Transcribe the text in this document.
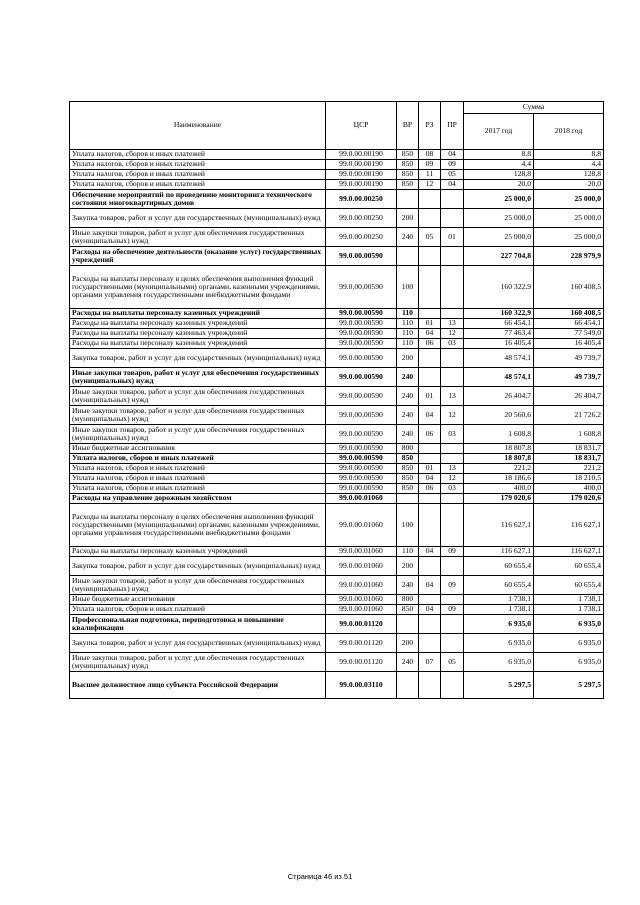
Наименование	ЦСР	ВР	РЗ	ПР	Сумма	
					2017 год	2018 год
Уплата налогов, сборов и иных платежей	99.0.00.00190	850	08	04	8,8	8,8
Уплата налогов, сборов и иных платежей	99.0.00.00190	850	09	09	4,4	4,4
Уплата налогов, сборов и иных платежей	99.0.00.00190	850	11	05	128,8	128,8
Уплата налогов, сборов и иных платежей	99.0.00.00190	850	12	04	20,0	20,0
Обеспечение мероприятий по проведению мониторинга технического состояния многоквартирных домов	99.0.00.00250				25 000,0	25 000,0
Закупка товаров, работ и услуг для государственных (муниципальных) нужд	99.0.00.00250	200			25 000,0	25 000,0
Иные закупки товаров, работ и услуг для обеспечения государственных (муниципальных) нужд	99.0.00.00250	240	05	01	25 000,0	25 000,0
Расходы на обеспечение деятельности (оказание услуг) государственных учреждений	99.0.00.00590				227 704,8	228 979,9
Расходы на выплаты персоналу в целях обеспечения выполнения функций государственными (муниципальными) органами, казенными учреждениями, органами управления государственными внебюджетными фондами	99.0.00.00590	100			160 322,9	160 408,5
Расходы на выплаты персоналу казенных учреждений	99.0.00.00590	110			160 322,9	160 408,5
Расходы на выплаты персоналу казенных учреждений	99.0.00.00590	110	01	13	66 454,1	66 454,1
Расходы на выплаты персоналу казенных учреждений	99.0.00.00590	110	04	12	77 463,4	77 549,0
Расходы на выплаты персоналу казенных учреждений	99.0.00.00590	110	06	03	16 405,4	16 405,4
Закупка товаров, работ и услуг для государственных (муниципальных) нужд	99.0.00.00590	200			48 574,1	49 739,7
Иные закупки товаров, работ и услуг для обеспечения государственных (муниципальных) нужд	99.0.00.00590	240			48 574,1	49 739,7
Иные закупки товаров, работ и услуг для обеспечения государственных (муниципальных) нужд	99.0.00.00590	240	01	13	26 404,7	26 404,7
Иные закупки товаров, работ и услуг для обеспечения государственных (муниципальных) нужд	99.0.00.00590	240	04	12	20 560,6	21 726,2
Иные закупки товаров, работ и услуг для обеспечения государственных (муниципальных) нужд	99.0.00.00590	240	06	03	1 608,8	1 608,8
Иные бюджетные ассигнования	99.0.00.00590	800			18 807,8	18 831,7
Уплата налогов, сборов и иных платежей	99.0.00.00590	850			18 807,8	18 831,7
Уплата налогов, сборов и иных платежей	99.0.00.00590	850	01	13	221,2	221,2
Уплата налогов, сборов и иных платежей	99.0.00.00590	850	04	12	18 186,6	18 210,5
Уплата налогов, сборов и иных платежей	99.0.00.00590	850	06	03	400,0	400,0
Расходы на управление дорожным хозяйством	99.0.00.01060				179 020,6	179 020,6
Расходы на выплаты персоналу в целях обеспечения выполнения функций государственными (муниципальными) органами, казенными учреждениями, органами управления государственными внебюджетными фондами	99.0.00.01060	100			116 627,1	116 627,1
Расходы на выплаты персоналу казенных учреждений	99.0.00.01060	110	04	09	116 627,1	116 627,1
Закупка товаров, работ и услуг для государственных (муниципальных) нужд	99.0.00.01060	200			60 655,4	60 655,4
Иные закупки товаров, работ и услуг для обеспечения государственных (муниципальных) нужд	99.0.00.01060	240	04	09	60 655,4	60 655,4
Иные бюджетные ассигнования	99.0.00.01060	800			1 738,1	1 738,1
Уплата налогов, сборов и иных платежей	99.0.00.01060	850	04	09	1 738,1	1 738,1
Профессиональная подготовка, переподготовка и повышение квалификации	99.0.00.01120				6 935,0	6 935,0
Закупка товаров, работ и услуг для государственных (муниципальных) нужд	99.0.00.01120	200			6 935,0	6 935,0
Иные закупки товаров, работ и услуг для обеспечения государственных (муниципальных) нужд	99.0.00.01120	240	07	05	6 935,0	6 935,0
Высшее должностное лицо субъекта Российской Федерации	99.0.00.03110				5 297,5	5 297,5
Страница 46 из 51
